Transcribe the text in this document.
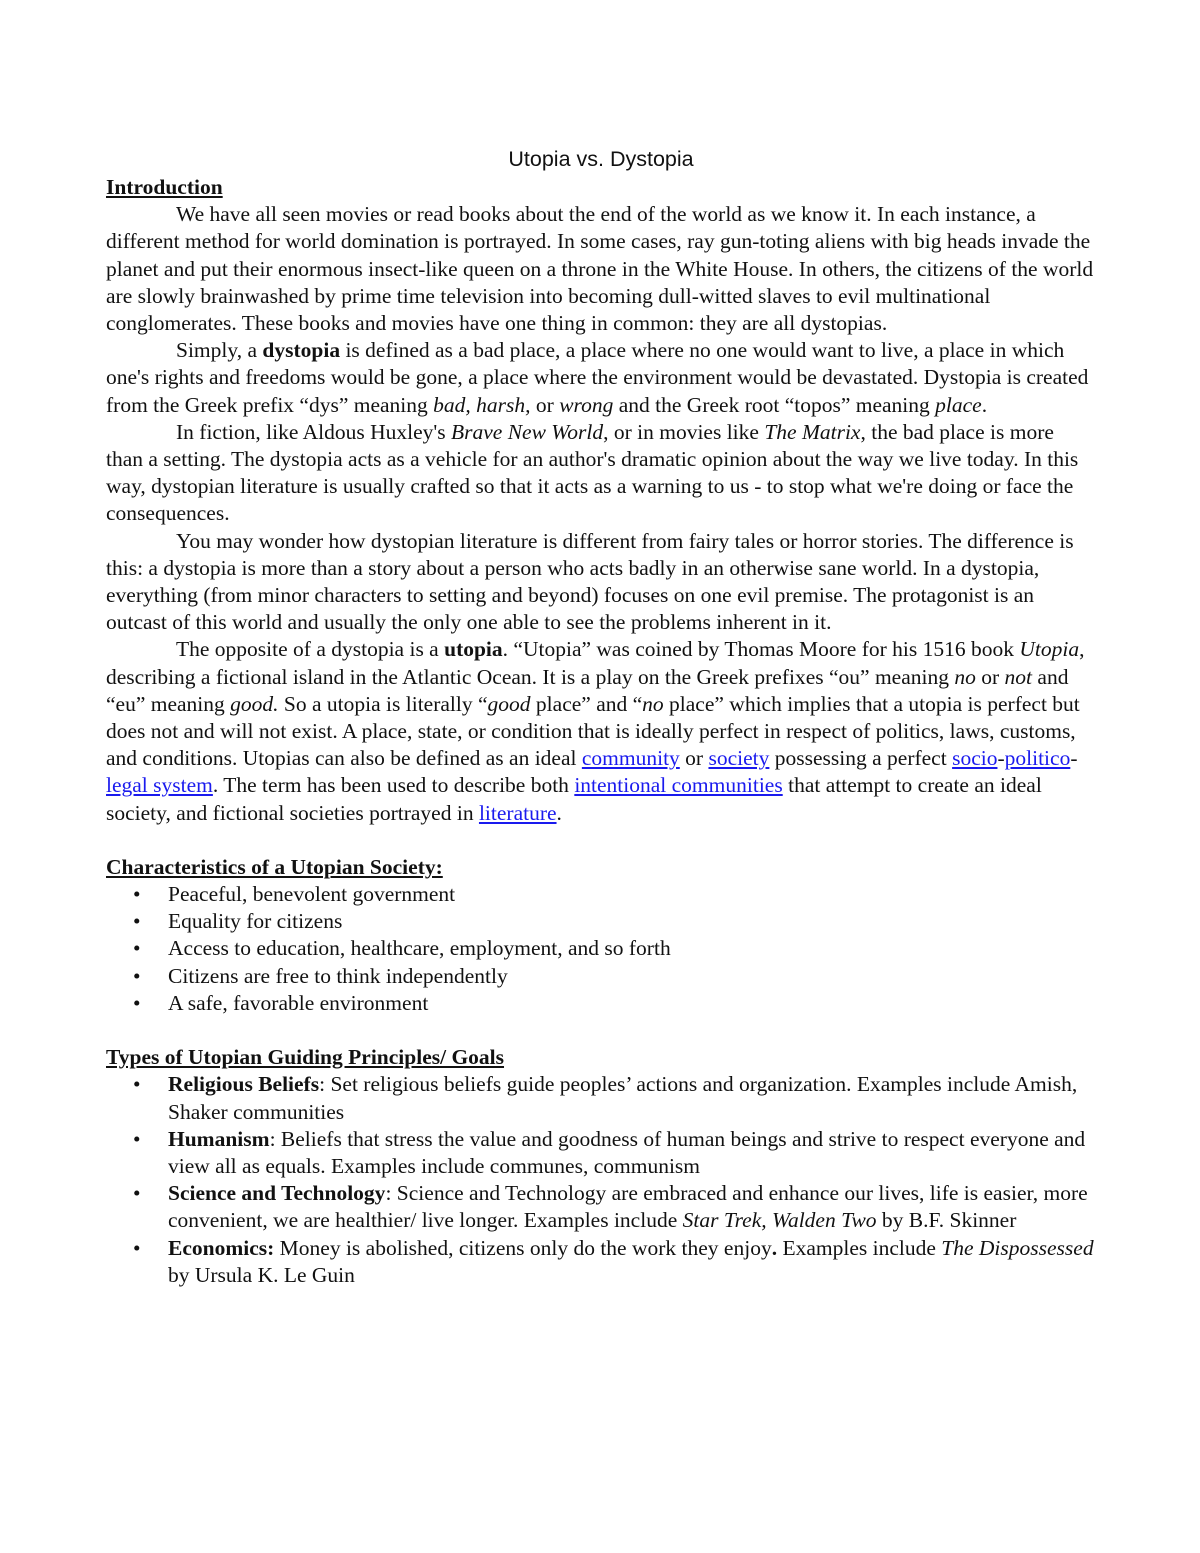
Utopia vs. Dystopia
Introduction

We have all seen movies or read books about the end of the world as we know it. In each instance, a different method for world domination is portrayed. In some cases, ray gun-toting aliens with big heads invade the planet and put their enormous insect-like queen on a throne in the White House. In others, the citizens of the world are slowly brainwashed by prime time television into becoming dull-witted slaves to evil multinational conglomerates. These books and movies have one thing in common: they are all dystopias.

Simply, a dystopia is defined as a bad place, a place where no one would want to live, a place in which one's rights and freedoms would be gone, a place where the environment would be devastated. Dystopia is created from the Greek prefix “dys” meaning bad, harsh, or wrong and the Greek root “topos” meaning place.

In fiction, like Aldous Huxley's Brave New World, or in movies like The Matrix, the bad place is more than a setting. The dystopia acts as a vehicle for an author's dramatic opinion about the way we live today. In this way, dystopian literature is usually crafted so that it acts as a warning to us - to stop what we're doing or face the consequences.

You may wonder how dystopian literature is different from fairy tales or horror stories. The difference is this: a dystopia is more than a story about a person who acts badly in an otherwise sane world. In a dystopia, everything (from minor characters to setting and beyond) focuses on one evil premise. The protagonist is an outcast of this world and usually the only one able to see the problems inherent in it.

The opposite of a dystopia is a utopia. “Utopia” was coined by Thomas Moore for his 1516 book Utopia, describing a fictional island in the Atlantic Ocean. It is a play on the Greek prefixes “ou” meaning no or not and “eu” meaning good. So a utopia is literally “good place” and “no place” which implies that a utopia is perfect but does not and will not exist. A place, state, or condition that is ideally perfect in respect of politics, laws, customs, and conditions. Utopias can also be defined as an ideal community or society possessing a perfect socio-politico-legal system. The term has been used to describe both intentional communities that attempt to create an ideal society, and fictional societies portrayed in literature.

Characteristics of a Utopian Society:
• Peaceful, benevolent government
• Equality for citizens
• Access to education, healthcare, employment, and so forth
• Citizens are free to think independently
• A safe, favorable environment
Types of Utopian Guiding Principles/ Goals
• Religious Beliefs: Set religious beliefs guide peoples’ actions and organization. Examples include Amish, Shaker communities
• Humanism: Beliefs that stress the value and goodness of human beings and strive to respect everyone and view all as equals. Examples include communes, communism
• Science and Technology: Science and Technology are embraced and enhance our lives, life is easier, more convenient, we are healthier/ live longer. Examples include Star Trek, Walden Two by B.F. Skinner
• Economics: Money is abolished, citizens only do the work they enjoy. Examples include The Dispossessed by Ursula K. Le Guin
